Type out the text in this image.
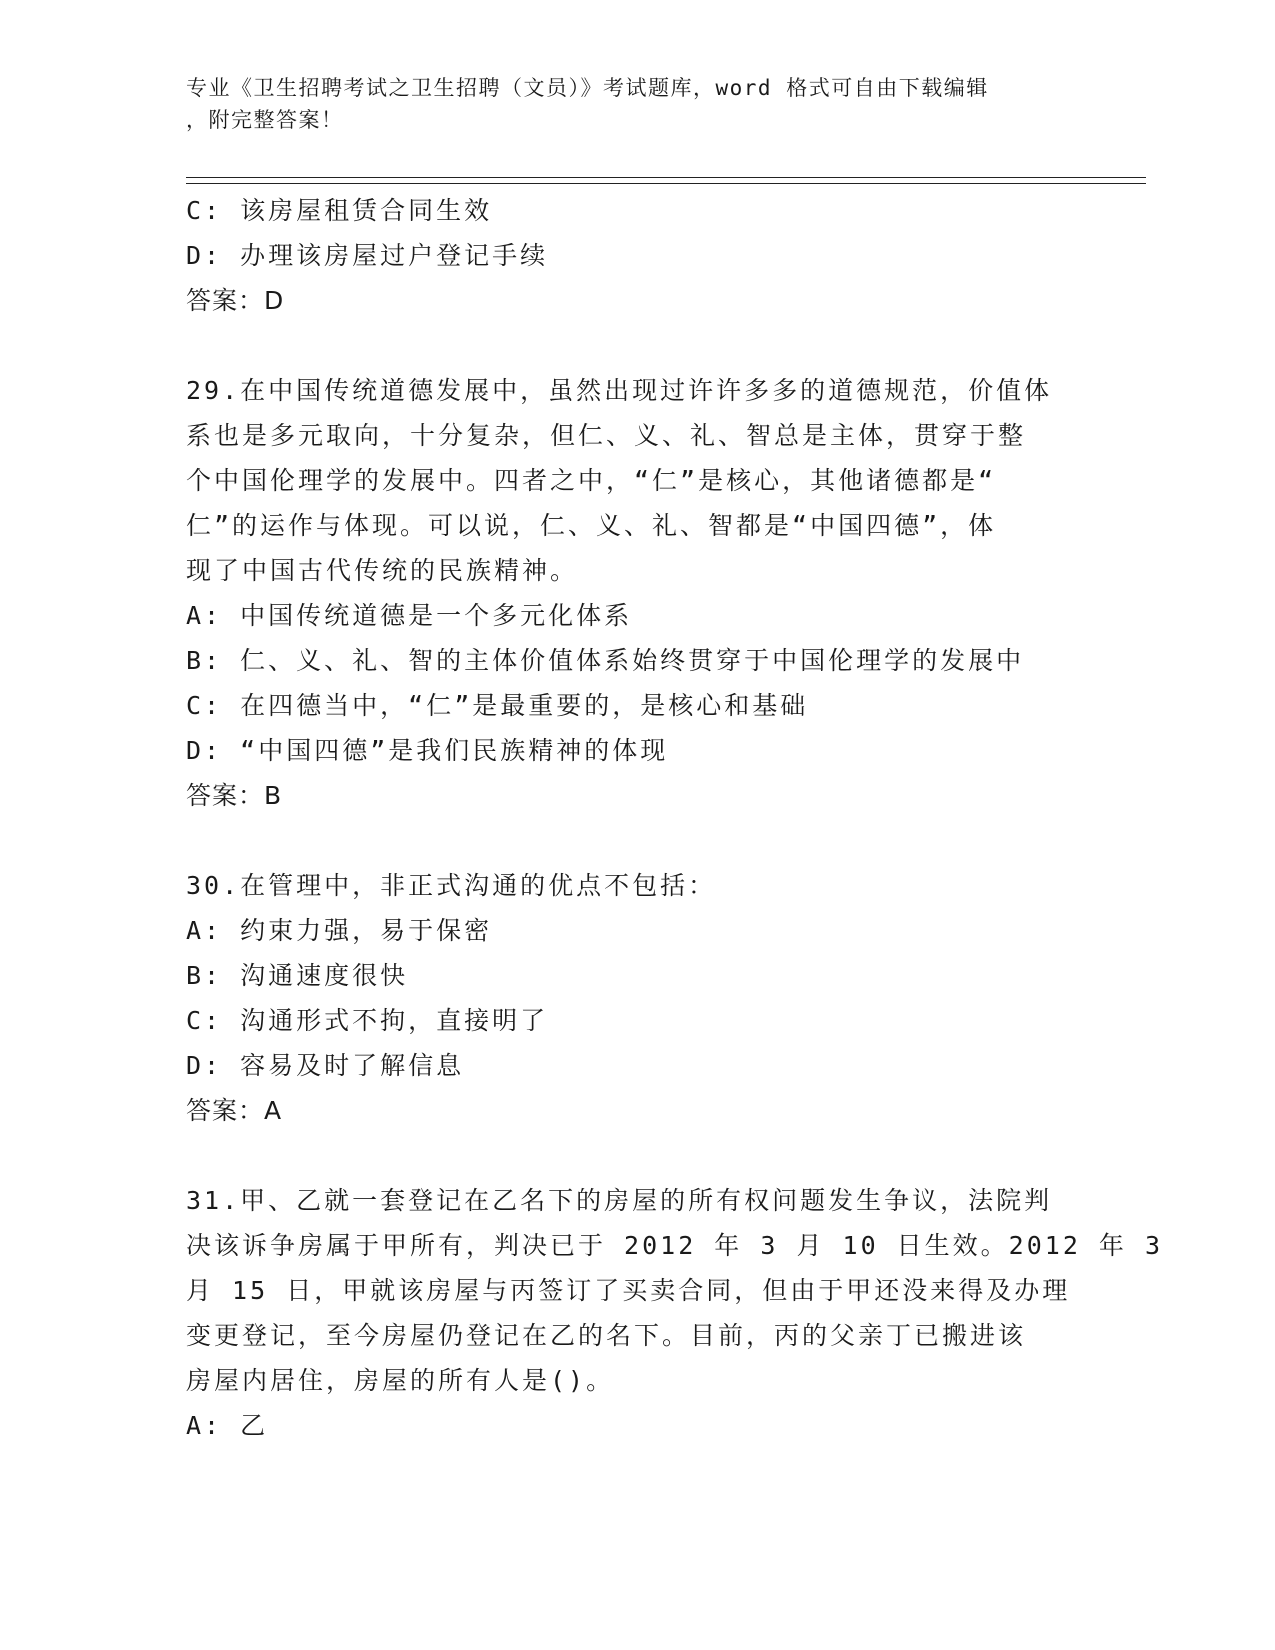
专业《卫生招聘考试之卫生招聘（文员）》考试题库，word 格式可自由下载编辑
，附完整答案！
C: 该房屋租赁合同生效
D: 办理该房屋过户登记手续
答案：D
29.在中国传统道德发展中，虽然出现过许许多多的道德规范，价值体
系也是多元取向，十分复杂，但仁、义、礼、智总是主体，贯穿于整
个中国伦理学的发展中。四者之中，“仁”是核心，其他诸德都是“
仁”的运作与体现。可以说，仁、义、礼、智都是“中国四德”，体
现了中国古代传统的民族精神。
A: 中国传统道德是一个多元化体系
B: 仁、义、礼、智的主体价值体系始终贯穿于中国伦理学的发展中
C: 在四德当中，“仁”是最重要的，是核心和基础
D: “中国四德”是我们民族精神的体现
答案：B
30.在管理中，非正式沟通的优点不包括：
A: 约束力强，易于保密
B: 沟通速度很快
C: 沟通形式不拘，直接明了
D: 容易及时了解信息
答案：A
31.甲、乙就一套登记在乙名下的房屋的所有权问题发生争议，法院判
决该诉争房属于甲所有，判决已于 2012 年 3 月 10 日生效。2012 年 3
月 15 日，甲就该房屋与丙签订了买卖合同，但由于甲还没来得及办理
变更登记，至今房屋仍登记在乙的名下。目前，丙的父亲丁已搬进该
房屋内居住，房屋的所有人是()。
A: 乙
